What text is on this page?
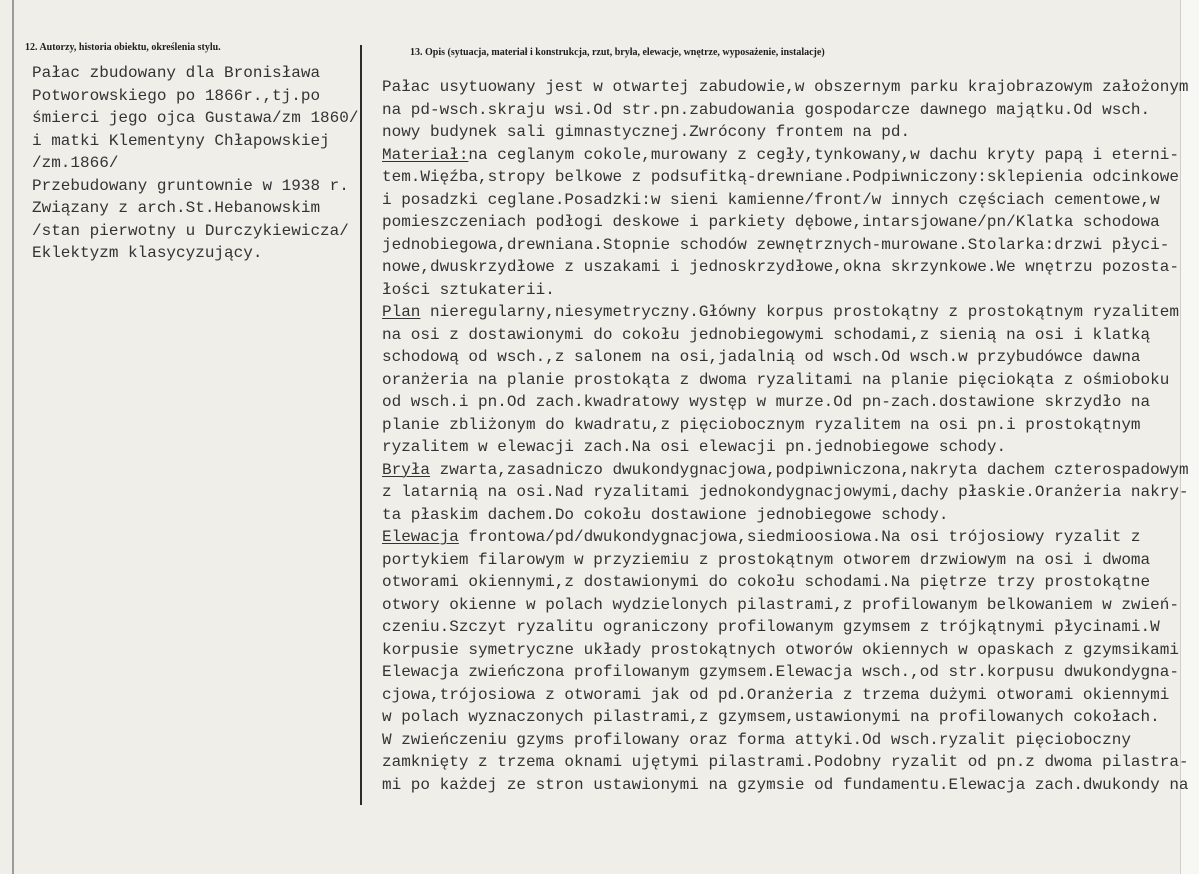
12. Autorzy, historia obiektu, określenia stylu.	13. Opis (sytuacja, materiał i konstrukcja, rzut, bryła, elewacje, wnętrze, wyposażenie, instalacje)
Pałac zbudowany dla Bronisława
Potworowskiego po 1866r.,tj.po
śmierci jego ojca Gustawa/zm 1860/
i matki Klementyny Chłapowskiej
/zm.1866/
Przebudowany gruntownie w 1938 r.
Związany z arch.St.Hebanowskim
/stan pierwotny u Durczykiewicza/
Eklektyzm klasycyzujący.
Pałac usytuowany jest w otwartej zabudowie,w obszernym parku krajobrazowym założonym
na pd-wsch.skraju wsi.Od str.pn.zabudowania gospodarcze dawnego majątku.Od wsch.
nowy budynek sali gimnastycznej.Zwrócony frontem na pd.
Materiał:na ceglanym cokole,murowany z cegły,tynkowany,w dachu kryty papą i eterni-
tem.Więźba,stropy belkowe z podsufitką-drewniane.Podpiwniczony:sklepienia odcinkowe
i posadzki ceglane.Posadzki:w sieni kamienne/front/w innych częściach cementowe,w
pomieszczeniach podłogi deskowe i parkiety dębowe,intarsjowane/pn/Klatka schodowa
jednobiegowa,drewniana.Stopnie schodów zewnętrznych-murowane.Stolarka:drzwi płyci-
nowe,dwuskrzydłowe z uszakami i jednoskrzydłowe,okna skrzynkowe.We wnętrzu pozosta-
łości sztukaterii.
Plan nieregularny,niesymetryczny.Główny korpus prostokątny z prostokątnym ryzalitem
na osi z dostawionymi do cokołu jednobiegowymi schodami,z sienią na osi i klatką
schodową od wsch.,z salonem na osi,jadalnią od wsch.Od wsch.w przybudówce dawna
oranżeria na planie prostokąta z dwoma ryzalitami na planie pięciokąta z ośmioboku
od wsch.i pn.Od zach.kwadratowy występ w murze.Od pn-zach.dostawione skrzydło na
planie zbliżonym do kwadratu,z pięciobocznym ryzalitem na osi pn.i prostokątnym
ryzalitem w elewacji zach.Na osi elewacji pn.jednobiegowe schody.
Bryła zwarta,zasadniczo dwukondygnacjowa,podpiwniczona,nakryta dachem czterospadowym
z latarnią na osi.Nad ryzalitami jednokondygnacjowymi,dachy płaskie.Oranżeria nakry-
ta płaskim dachem.Do cokołu dostawione jednobiegowe schody.
Elewacja frontowa/pd/dwukondygnacjowa,siedmioosiowa.Na osi trójosiowy ryzalit z
portykiem filarowym w przyziemiu z prostokątnym otworem drzwiowym na osi i dwoma
otworami okiennymi,z dostawionymi do cokołu schodami.Na piętrze trzy prostokątne
otwory okienne w polach wydzielonych pilastrami,z profilowanym belkowaniem w zwień-
czeniu.Szczyt ryzalitu ograniczony profilowanym gzymsem z trójkątnymi płycinami.W
korpusie symetryczne układy prostokątnych otworów okiennych w opaskach z gzymsikami
Elewacja zwieńczona profilowanym gzymsem.Elewacja wsch.,od str.korpusu dwukondygna-
cjowa,trójosiowa z otworami jak od pd.Oranżeria z trzema dużymi otworami okiennymi
w polach wyznaczonych pilastrami,z gzymsem,ustawionymi na profilowanych cokołach.
W zwieńczeniu gzyms profilowany oraz forma attyki.Od wsch.ryzalit pięcioboczny
zamknięty z trzema oknami ujętymi pilastrami.Podobny ryzalit od pn.z dwoma pilastra-
mi po każdej ze stron ustawionymi na gzymsie od fundamentu.Elewacja zach.dwukondy na
